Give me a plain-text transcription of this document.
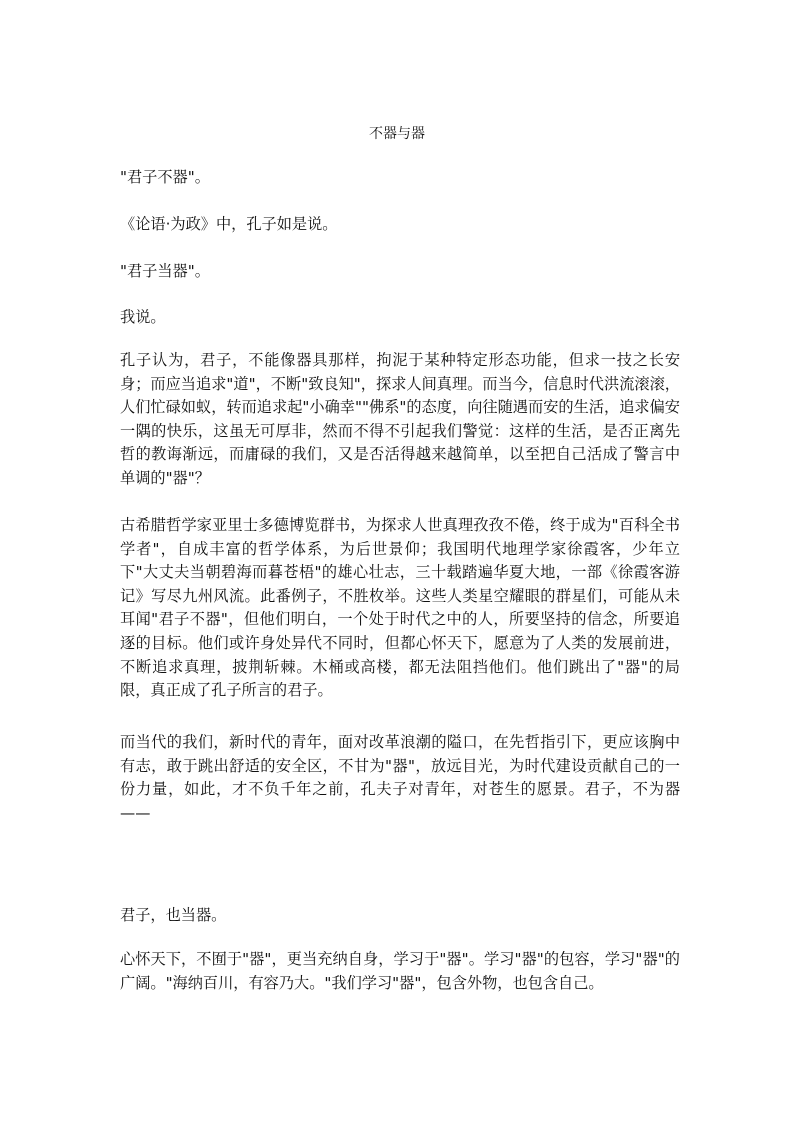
不器与器

"君子不器"。

《论语·为政》中，孔子如是说。

"君子当器"。

我说。

孔子认为，君子，不能像器具那样，拘泥于某种特定形态功能，但求一技之长安身；而应当追求"道"，不断"致良知"，探求人间真理。而当今，信息时代洪流滚滚，人们忙碌如蚁，转而追求起"小确幸""佛系"的态度，向往随遇而安的生活，追求偏安一隅的快乐，这虽无可厚非，然而不得不引起我们警觉：这样的生活，是否正离先哲的教诲渐远，而庸碌的我们，又是否活得越来越简单，以至把自己活成了警言中单调的"器"？

古希腊哲学家亚里士多德博览群书，为探求人世真理孜孜不倦，终于成为"百科全书学者"，自成丰富的哲学体系，为后世景仰；我国明代地理学家徐霞客，少年立下"大丈夫当朝碧海而暮苍梧"的雄心壮志，三十载踏遍华夏大地，一部《徐霞客游记》写尽九州风流。此番例子，不胜枚举。这些人类星空耀眼的群星们，可能从未耳闻"君子不器"，但他们明白，一个处于时代之中的人，所要坚持的信念，所要追逐的目标。他们或许身处异代不同时，但都心怀天下，愿意为了人类的发展前进，不断追求真理，披荆斩棘。木桶或高楼，都无法阻挡他们。他们跳出了"器"的局限，真正成了孔子所言的君子。

而当代的我们，新时代的青年，面对改革浪潮的隘口，在先哲指引下，更应该胸中有志，敢于跳出舒适的安全区，不甘为"器"，放远目光，为时代建设贡献自己的一份力量，如此，才不负千年之前，孔夫子对青年，对苍生的愿景。君子，不为器——

君子，也当器。

心怀天下，不囿于"器"，更当充纳自身，学习于"器"。学习"器"的包容，学习"器"的广阔。"海纳百川，有容乃大。"我们学习"器"，包含外物，也包含自己。
